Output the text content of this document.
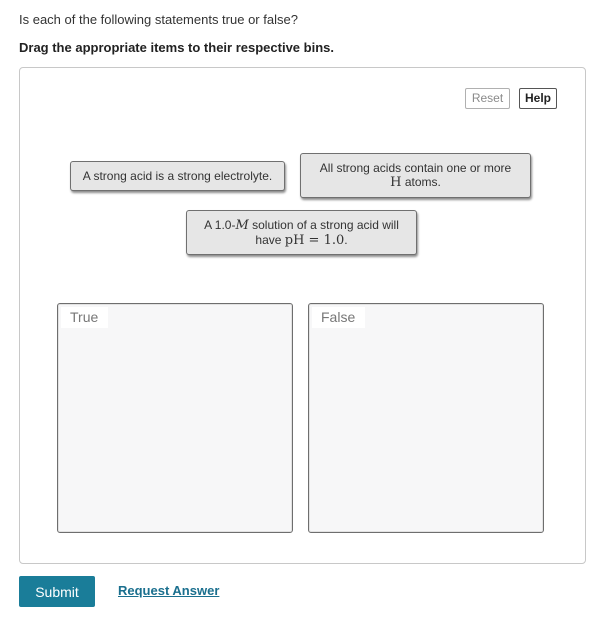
Is each of the following statements true or false?
Drag the appropriate items to their respective bins.
Reset	Help
A strong acid is a strong electrolyte.
All strong acids contain one or more
H atoms.
A 1.0-M solution of a strong acid will
have pH = 1.0.
True	False
Submit	Request Answer
